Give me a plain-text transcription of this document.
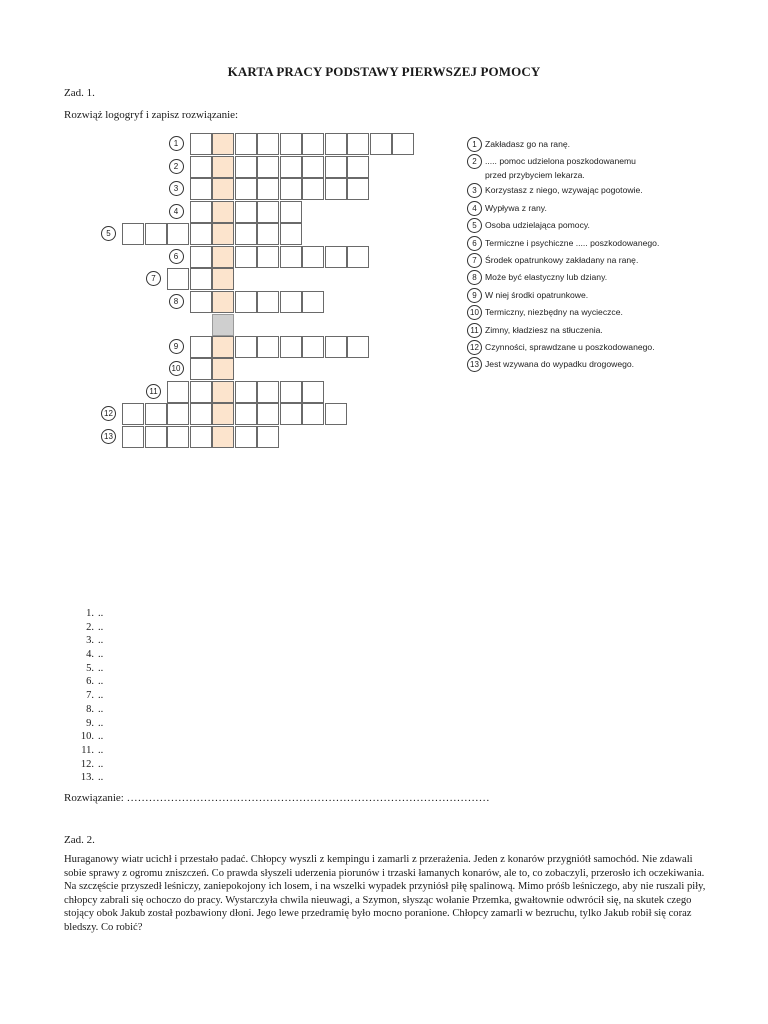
KARTA PRACY PODSTAWY PIERWSZEJ POMOCY
Zad. 1.
Rozwiąż logogryf i zapisz rozwiązanie:
1
2
3
4
5
6
7
8
9
10
11
12
13
1 Zakładasz go na ranę.
2 ..... pomoc udzielona poszkodowanemu
przed przybyciem lekarza.
3 Korzystasz z niego, wzywając pogotowie.
4 Wypływa z rany.
5 Osoba udzielająca pomocy.
6 Termiczne i psychiczne ..... poszkodowanego.
7 Środek opatrunkowy zakładany na ranę.
8 Może być elastyczny lub dziany.
9 W niej środki opatrunkowe.
10 Termiczny, niezbędny na wycieczce.
11 Zimny, kładziesz na stłuczenia.
12 Czynności, sprawdzane u poszkodowanego.
13 Jest wzywana do wypadku drogowego.
1. ..
2. ..
3. ..
4. ..
5. ..
6. ..
7. ..
8. ..
9. ..
10. ..
11. ..
12. ..
13. ..
Rozwiązanie: ………………………………………………………………………………………
Zad. 2.
Huraganowy wiatr ucichł i przestało padać. Chłopcy wyszli z kempingu i zamarli z przerażenia. Jeden z konarów przygniótł samochód. Nie zdawali sobie sprawy z ogromu zniszczeń. Co prawda słyszeli uderzenia piorunów i trzaski łamanych konarów, ale to, co zobaczyli, przerosło ich oczekiwania. Na szczęście przyszedł leśniczy, zaniepokojony ich losem, i na wszelki wypadek przyniósł piłę spalinową. Mimo próśb leśniczego, aby nie ruszali piły, chłopcy zabrali się ochoczo do pracy. Wystarczyła chwila nieuwagi, a Szymon, słysząc wołanie Przemka, gwałtownie odwrócił się, na skutek czego stojący obok Jakub został pozbawiony dłoni. Jego lewe przedramię było mocno poranione. Chłopcy zamarli w bezruchu, tylko Jakub robił się coraz bledszy. Co robić?
